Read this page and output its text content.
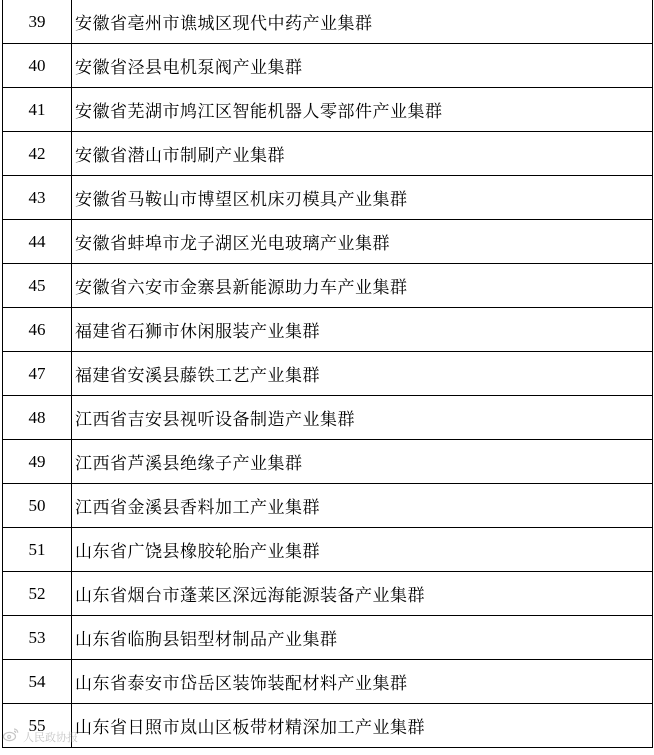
39	安徽省亳州市谯城区现代中药产业集群
40	安徽省泾县电机泵阀产业集群
41	安徽省芜湖市鸠江区智能机器人零部件产业集群
42	安徽省潜山市制刷产业集群
43	安徽省马鞍山市博望区机床刃模具产业集群
44	安徽省蚌埠市龙子湖区光电玻璃产业集群
45	安徽省六安市金寨县新能源助力车产业集群
46	福建省石狮市休闲服装产业集群
47	福建省安溪县藤铁工艺产业集群
48	江西省吉安县视听设备制造产业集群
49	江西省芦溪县绝缘子产业集群
50	江西省金溪县香料加工产业集群
51	山东省广饶县橡胶轮胎产业集群
52	山东省烟台市蓬莱区深远海能源装备产业集群
53	山东省临朐县铝型材制品产业集群
54	山东省泰安市岱岳区装饰装配材料产业集群
55	山东省日照市岚山区板带材精深加工产业集群
人民政协报
